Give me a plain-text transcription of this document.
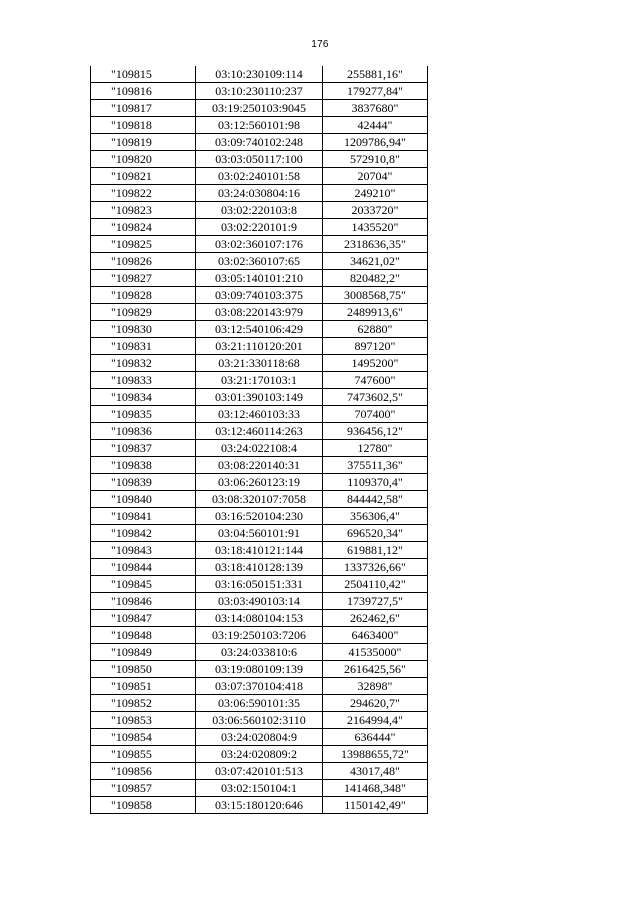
176
"109815	03:10:230109:114	255881,16"
"109816	03:10:230110:237	179277,84"
"109817	03:19:250103:9045	3837680"
"109818	03:12:560101:98	42444"
"109819	03:09:740102:248	1209786,94"
"109820	03:03:050117:100	572910,8"
"109821	03:02:240101:58	20704"
"109822	03:24:030804:16	249210"
"109823	03:02:220103:8	2033720"
"109824	03:02:220101:9	1435520"
"109825	03:02:360107:176	2318636,35"
"109826	03:02:360107:65	34621,02"
"109827	03:05:140101:210	820482,2"
"109828	03:09:740103:375	3008568,75"
"109829	03:08:220143:979	2489913,6"
"109830	03:12:540106:429	62880"
"109831	03:21:110120:201	897120"
"109832	03:21:330118:68	1495200"
"109833	03:21:170103:1	747600"
"109834	03:01:390103:149	7473602,5"
"109835	03:12:460103:33	707400"
"109836	03:12:460114:263	936456,12"
"109837	03:24:022108:4	12780"
"109838	03:08:220140:31	375511,36"
"109839	03:06:260123:19	1109370,4"
"109840	03:08:320107:7058	844442,58"
"109841	03:16:520104:230	356306,4"
"109842	03:04:560101:91	696520,34"
"109843	03:18:410121:144	619881,12"
"109844	03:18:410128:139	1337326,66"
"109845	03:16:050151:331	2504110,42"
"109846	03:03:490103:14	1739727,5"
"109847	03:14:080104:153	262462,6"
"109848	03:19:250103:7206	6463400"
"109849	03:24:033810:6	41535000"
"109850	03:19:080109:139	2616425,56"
"109851	03:07:370104:418	32898"
"109852	03:06:590101:35	294620,7"
"109853	03:06:560102:3110	2164994,4"
"109854	03:24:020804:9	636444"
"109855	03:24:020809:2	13988655,72"
"109856	03:07:420101:513	43017,48"
"109857	03:02:150104:1	141468,348"
"109858	03:15:180120:646	1150142,49"
